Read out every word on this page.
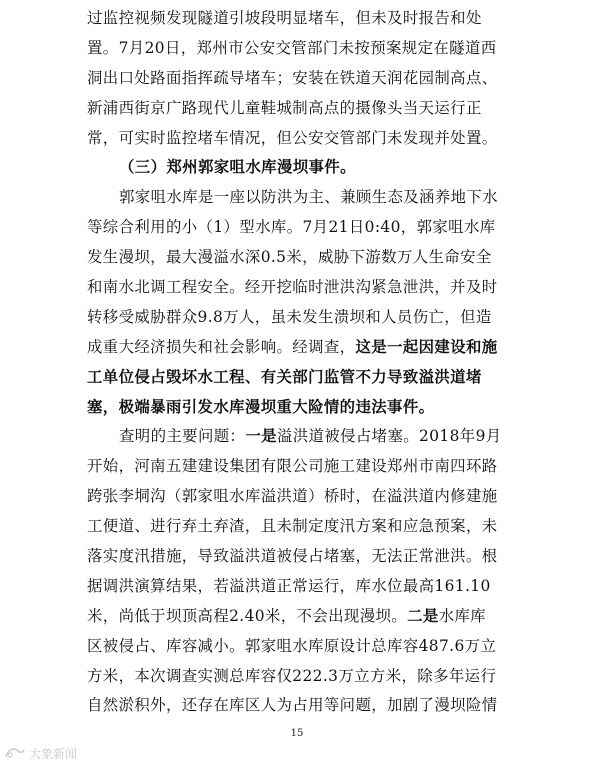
过监控视频发现隧道引坡段明显堵车，但未及时报告和处
置。7月20日，郑州市公安交管部门未按预案规定在隧道西
洞出口处路面指挥疏导堵车；安装在铁道天润花园制高点、
新浦西街京广路现代儿童鞋城制高点的摄像头当天运行正
常，可实时监控堵车情况，但公安交管部门未发现并处置。
（三）郑州郭家咀水库漫坝事件。
郭家咀水库是一座以防洪为主、兼顾生态及涵养地下水
等综合利用的小（1）型水库。7月21日0:40，郭家咀水库
发生漫坝，最大漫溢水深0.5米，威胁下游数万人生命安全
和南水北调工程安全。经开挖临时泄洪沟紧急泄洪，并及时
转移受威胁群众9.8万人，虽未发生溃坝和人员伤亡，但造
成重大经济损失和社会影响。经调查，这是一起因建设和施
工单位侵占毁坏水工程、有关部门监管不力导致溢洪道堵
塞，极端暴雨引发水库漫坝重大险情的违法事件。
查明的主要问题：一是溢洪道被侵占堵塞。2018年9月
开始，河南五建建设集团有限公司施工建设郑州市南四环路
跨张李垌沟（郭家咀水库溢洪道）桥时，在溢洪道内修建施
工便道、进行弃土弃渣，且未制定度汛方案和应急预案，未
落实度汛措施，导致溢洪道被侵占堵塞，无法正常泄洪。根
据调洪演算结果，若溢洪道正常运行，库水位最高161.10
米，尚低于坝顶高程2.40米，不会出现漫坝。二是水库库
区被侵占、库容减小。郭家咀水库原设计总库容487.6万立
方米，本次调查实测总库容仅222.3万立方米，除多年运行
自然淤积外，还存在库区人为占用等问题，加剧了漫坝险情
15
大象新闻
